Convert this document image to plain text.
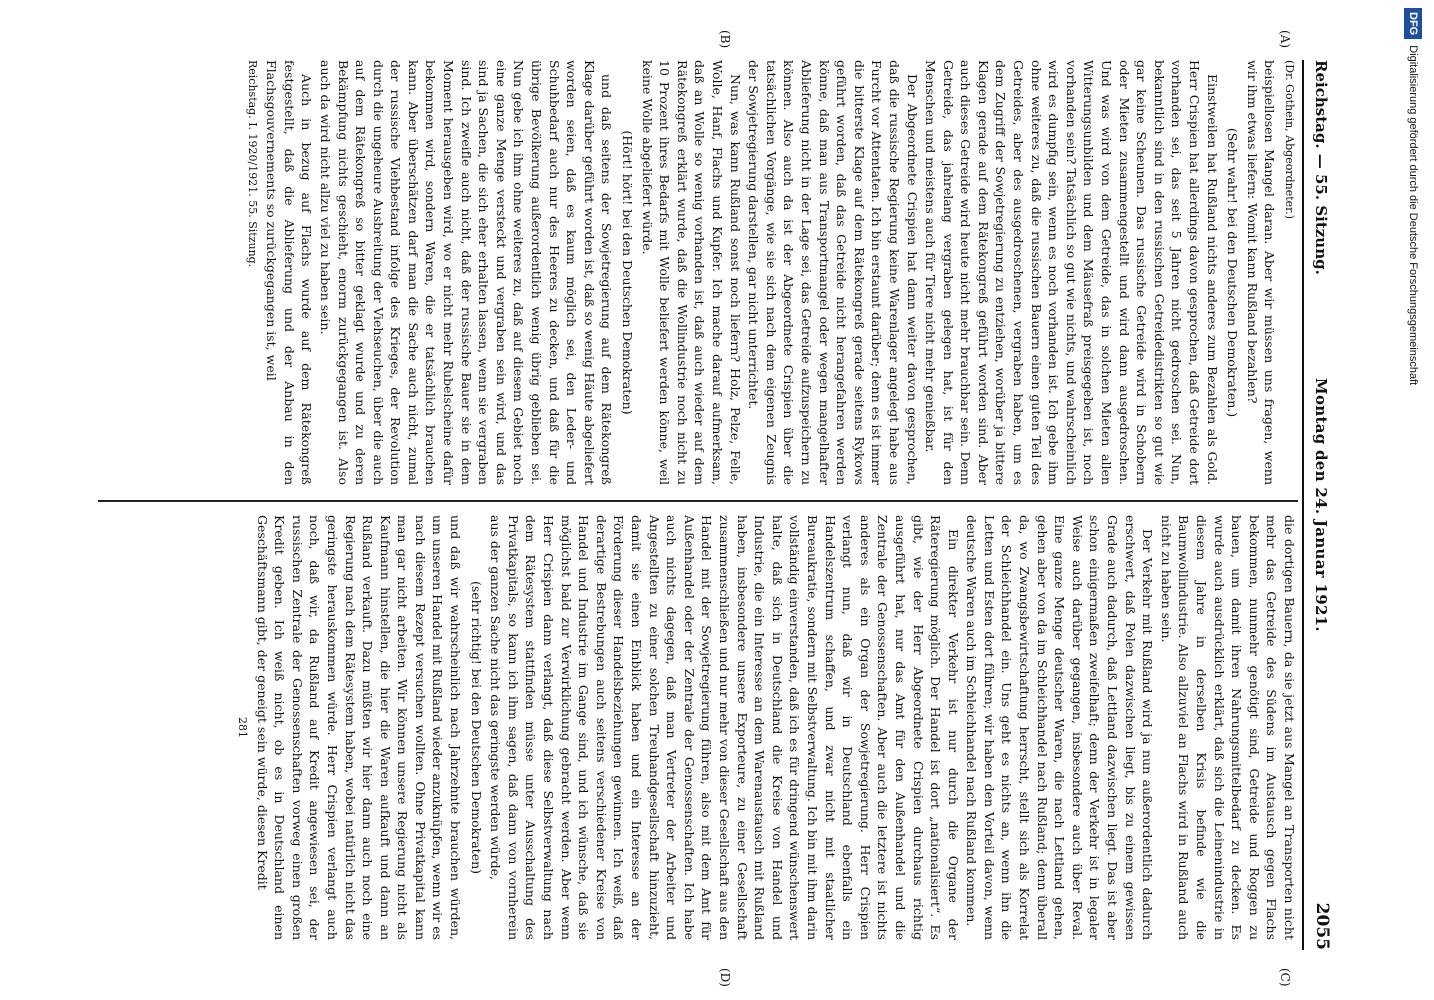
Reichstag. — 55. Sitzung.
Montag den 24. Januar 1921.
2055
(A)
(B)
(C)
(D)
(Dr. Gothein, Abgeordneter.)

beispiellosen Mangel daran. Aber wir müssen uns fragen, wenn wir ihm etwas liefern: Womit kann Rußland bezahlen?

(Sehr wahr! bei den Deutschen Demokraten.)

Einstweilen hat Rußland nichts anderes zum Bezahlen als Gold. Herr Crispien hat allerdings davon gesprochen, daß Getreide dort vorhanden sei, das seit 5 Jahren nicht gedroschen sei. Nun, bekanntlich sind in den russischen Getreidedistrikten so gut wie gar keine Scheunen. Das russische Getreide wird in Schobern oder Mieten zusammengestellt und wird dann ausgedroschen. Und was wird von dem Getreide, das in solchen Mieten allen Witterungsunbilden und dem Mäusefraß preisgegeben ist, noch vorhanden sein? Tatsächlich so gut wie nichts, und wahrscheinlich wird es dumpfig sein, wenn es noch vorhanden ist. Ich gebe ihm ohne weiteres zu, daß die russischen Bauern einen guten Teil des Getreides, aber des ausgedroschenen, vergraben haben, um es dem Zugriff der Sowjetregierung zu entziehen, worüber ja bittere Klagen gerade auf dem Rätekongreß geführt worden sind. Aber auch dieses Getreide wird heute nicht mehr brauchbar sein. Denn Getreide, das jahrelang vergraben gelegen hat, ist für den Menschen und meistens auch für Tiere nicht mehr genießbar.

Der Abgeordnete Crispien hat dann weiter davon gesprochen, daß die russische Regierung keine Warenlager angelegt habe aus Furcht vor Attentaten. Ich bin erstaunt darüber; denn es ist immer die bitterste Klage auf dem Rätekongreß gerade seitens Rykows geführt worden, daß das Getreide nicht herangefahren werden könne, daß man aus Transportmangel oder wegen mangelhafter Ablieferung nicht in der Lage sei, das Getreide aufzuspeichern zu können. Also auch da ist der Abgeordnete Crispien über die tatsächlichen Vorgänge, wie sie sich nach dem eigenen Zeugnis der Sowjetregierung darstellen, gar nicht unterrichtet.

Nun, was kann Rußland sonst noch liefern? Holz, Pelze, Felle, Wolle, Hanf, Flachs und Kupfer. Ich mache darauf aufmerksam, daß an Wolle so wenig vorhanden ist, daß auch wieder auf dem Rätekongreß erklärt wurde, daß die Wollindustrie noch nicht zu 10 Prozent ihres Bedarfs mit Wolle beliefert werden könne, weil keine Wolle abgeliefert würde.

(Hört! hört! bei den Deutschen Demokraten)

und daß seitens der Sowjetregierung auf dem Rätekongreß Klage darüber geführt worden ist, daß so wenig Häute abgeliefert worden seien, daß es kaum möglich sei, den Leder- und Schuhbedarf auch nur des Heeres zu decken, und daß für die übrige Bevölkerung außerordentlich wenig übrig geblieben sei. Nun gebe ich ihm ohne weiteres zu, daß auf diesem Gebiet noch eine ganze Menge versteckt und vergraben sein wird, und das sind ja Sachen, die sich eher erhalten lassen, wenn sie vergraben sind. Ich zweifle auch nicht, daß der russische Bauer sie in dem Moment herausgeben wird, wo er nicht mehr Rubelscheine dafür bekommen wird, sondern Waren, die er tatsächlich brauchen kann. Aber überschätzen darf man die Sache auch nicht, zumal der russische Viehbestand infolge des Krieges, der Revolution durch die ungeheure Ausbreitung der Viehseuchen, über die auch auf dem Rätekongreß so bitter geklagt wurde und zu deren Bekämpfung nichts geschieht, enorm zurückgegangen ist. Also auch da wird nicht allzu viel zu haben sein.

Auch in bezug auf Flachs wurde auf dem Rätekongreß festgestellt, daß die Ablieferung und der Anbau in den Flachsgouvernements so zurückgegangen ist, weil

Reichstag. I. 1920/1921. 55. Sitzung.

die dortigen Bauern, da sie jetzt aus Mangel an Transporten nicht mehr das Getreide des Südens im Austausch gegen Flachs bekommen, nunmehr genötigt sind, Getreide und Roggen zu bauen, um damit ihren Nahrungsmittelbedarf zu decken. Es wurde auch ausdrücklich erklärt, daß sich die Leinenindustrie in diesem Jahre in derselben Krisis befinde wie die Baumwollindustrie. Also allzuviel an Flachs wird in Rußland auch nicht zu haben sein.

Der Verkehr mit Rußland wird ja nun außerordentlich dadurch erschwert, daß Polen dazwischen liegt, bis zu einem gewissen Grade auch dadurch, daß Lettland dazwischen liegt. Das ist aber schon einigermaßen zweifelhaft; denn der Verkehr ist in legaler Weise auch darüber gegangen, insbesondere auch über Reval. Eine ganze Menge deutscher Waren, die nach Lettland gehen, gehen aber von da im Schleichhandel nach Rußland; denn überall da, wo Zwangsbewirtschaftung herrscht, stellt sich als Korrelat der Schleichhandel ein. Uns geht es nichts an, wenn ihn die Letten und Esten dort führen; wir haben den Vorteil davon, wenn deutsche Waren auch im Schleichhandel nach Rußland kommen.

Ein direkter Verkehr ist nur durch die Organe der Räteregierung möglich. Der Handel ist dort „nationalisiert“. Es gibt, wie der Herr Abgeordnete Crispien durchaus richtig ausgeführt hat, nur das Amt für den Außenhandel und die Zentrale der Genossenschaften. Aber auch die letztere ist nichts anderes als ein Organ der Sowjetregierung. Herr Crispien verlangt nun, daß wir in Deutschland ebenfalls ein Handelszentrum schaffen, und zwar nicht mit staatlicher Bureaukratie, sondern mit Selbstverwaltung. Ich bin mit ihm darin vollständig einverstanden, daß ich es für dringend wünschenswert halte, daß sich in Deutschland die Kreise von Handel und Industrie, die ein Interesse an dem Warenaustausch mit Rußland haben, insbesondere unsere Exporteure, zu einer Gesellschaft zusammenschließen und nur mehr von dieser Gesellschaft aus den Handel mit der Sowjetregierung führen, also mit dem Amt für Außenhandel oder der Zentrale der Genossenschaften. Ich habe auch nichts dagegen, daß man Vertreter der Arbeiter und Angestellten zu einer solchen Treuhandgesellschaft hinzuzieht, damit sie einen Einblick haben und ein Interesse an der Förderung dieser Handelsbeziehungen gewinnen. Ich weiß, daß derartige Bestrebungen auch seitens verschiedener Kreise von Handel und Industrie im Gange sind, und ich wünsche, daß sie möglichst bald zur Verwirklichung gebracht werden. Aber wenn Herr Crispien dann verlangt, daß diese Selbstverwaltung nach dem Rätesystem stattfinden müsse unter Ausschaltung des Privatkapitals, so kann ich ihm sagen, daß dann von vornherein aus der ganzen Sache nicht das geringste werden würde,

(sehr richtig! bei den Deutschen Demokraten)

und daß wir wahrscheinlich nach Jahrzehnte brauchen würden, um unseren Handel mit Rußland wieder anzuknüpfen, wenn wir es nach diesem Rezept versuchen wollten. Ohne Privatkapital kann man gar nicht arbeiten. Wir können unsere Regierung nicht als Kaufmann hinstellen, die hier die Waren aufkauft und dann an Rußland verkauft. Dazu müßten wir hier dann auch noch eine Regierung nach dem Rätesystem haben, wobei natürlich nicht das geringste herauskommen würde. Herr Crispien verlangt auch noch, daß wir, da Rußland auf Kredit angewiesen sei, der russischen Zentrale der Genossenschaften vorweg einen großen Kredit geben. Ich weiß nicht, ob es in Deutschland einen Geschäftsmann gibt, der geneigt sein würde, diesen Kredit

281
DFGDigitalisierung gefördert durch die Deutsche Forschungsgemeinschaft
